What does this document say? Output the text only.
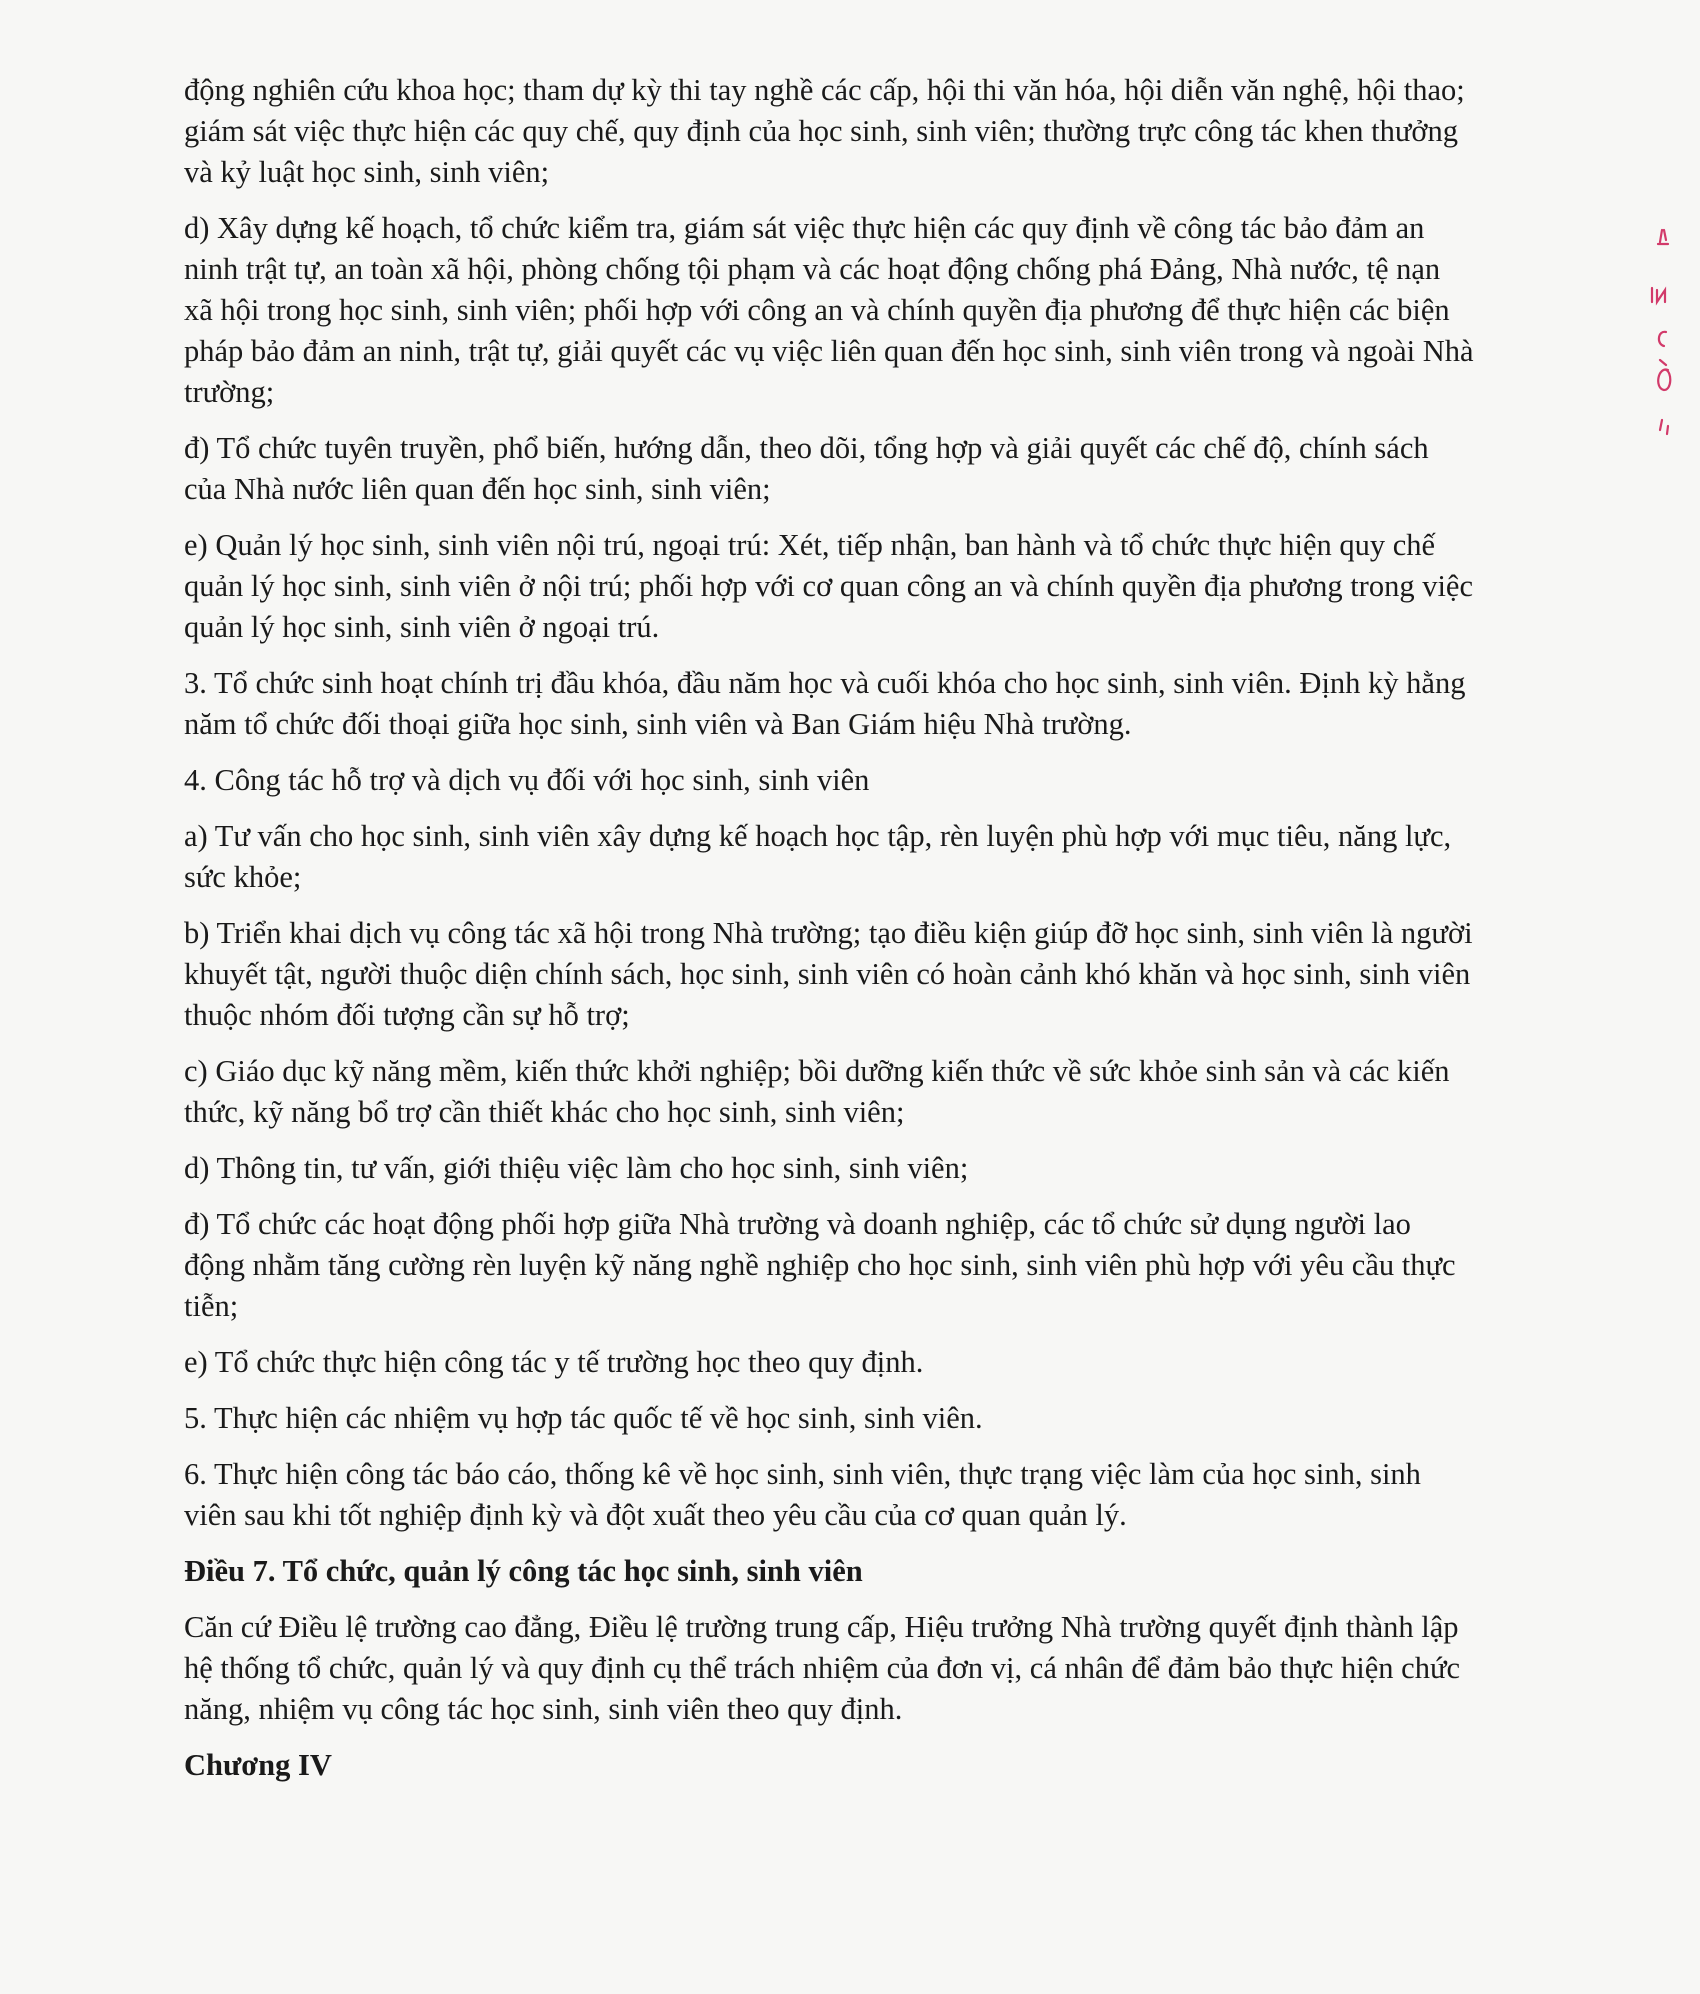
động nghiên cứu khoa học; tham dự kỳ thi tay nghề các cấp, hội thi văn hóa, hội diễn văn nghệ, hội thao; giám sát việc thực hiện các quy chế, quy định của học sinh, sinh viên; thường trực công tác khen thưởng và kỷ luật học sinh, sinh viên;

d) Xây dựng kế hoạch, tổ chức kiểm tra, giám sát việc thực hiện các quy định về công tác bảo đảm an ninh trật tự, an toàn xã hội, phòng chống tội phạm và các hoạt động chống phá Đảng, Nhà nước, tệ nạn xã hội trong học sinh, sinh viên; phối hợp với công an và chính quyền địa phương để thực hiện các biện pháp bảo đảm an ninh, trật tự, giải quyết các vụ việc liên quan đến học sinh, sinh viên trong và ngoài Nhà trường;

đ) Tổ chức tuyên truyền, phổ biến, hướng dẫn, theo dõi, tổng hợp và giải quyết các chế độ, chính sách của Nhà nước liên quan đến học sinh, sinh viên;

e) Quản lý học sinh, sinh viên nội trú, ngoại trú: Xét, tiếp nhận, ban hành và tổ chức thực hiện quy chế quản lý học sinh, sinh viên ở nội trú; phối hợp với cơ quan công an và chính quyền địa phương trong việc quản lý học sinh, sinh viên ở ngoại trú.

3. Tổ chức sinh hoạt chính trị đầu khóa, đầu năm học và cuối khóa cho học sinh, sinh viên. Định kỳ hằng năm tổ chức đối thoại giữa học sinh, sinh viên và Ban Giám hiệu Nhà trường.

4. Công tác hỗ trợ và dịch vụ đối với học sinh, sinh viên

a) Tư vấn cho học sinh, sinh viên xây dựng kế hoạch học tập, rèn luyện phù hợp với mục tiêu, năng lực, sức khỏe;

b) Triển khai dịch vụ công tác xã hội trong Nhà trường; tạo điều kiện giúp đỡ học sinh, sinh viên là người khuyết tật, người thuộc diện chính sách, học sinh, sinh viên có hoàn cảnh khó khăn và học sinh, sinh viên thuộc nhóm đối tượng cần sự hỗ trợ;

c) Giáo dục kỹ năng mềm, kiến thức khởi nghiệp; bồi dưỡng kiến thức về sức khỏe sinh sản và các kiến thức, kỹ năng bổ trợ cần thiết khác cho học sinh, sinh viên;

d) Thông tin, tư vấn, giới thiệu việc làm cho học sinh, sinh viên;

đ) Tổ chức các hoạt động phối hợp giữa Nhà trường và doanh nghiệp, các tổ chức sử dụng người lao động nhằm tăng cường rèn luyện kỹ năng nghề nghiệp cho học sinh, sinh viên phù hợp với yêu cầu thực tiễn;

e) Tổ chức thực hiện công tác y tế trường học theo quy định.

5. Thực hiện các nhiệm vụ hợp tác quốc tế về học sinh, sinh viên.

6. Thực hiện công tác báo cáo, thống kê về học sinh, sinh viên, thực trạng việc làm của học sinh, sinh viên sau khi tốt nghiệp định kỳ và đột xuất theo yêu cầu của cơ quan quản lý.

Điều 7. Tổ chức, quản lý công tác học sinh, sinh viên

Căn cứ Điều lệ trường cao đẳng, Điều lệ trường trung cấp, Hiệu trưởng Nhà trường quyết định thành lập hệ thống tổ chức, quản lý và quy định cụ thể trách nhiệm của đơn vị, cá nhân để đảm bảo thực hiện chức năng, nhiệm vụ công tác học sinh, sinh viên theo quy định.

Chương IV
